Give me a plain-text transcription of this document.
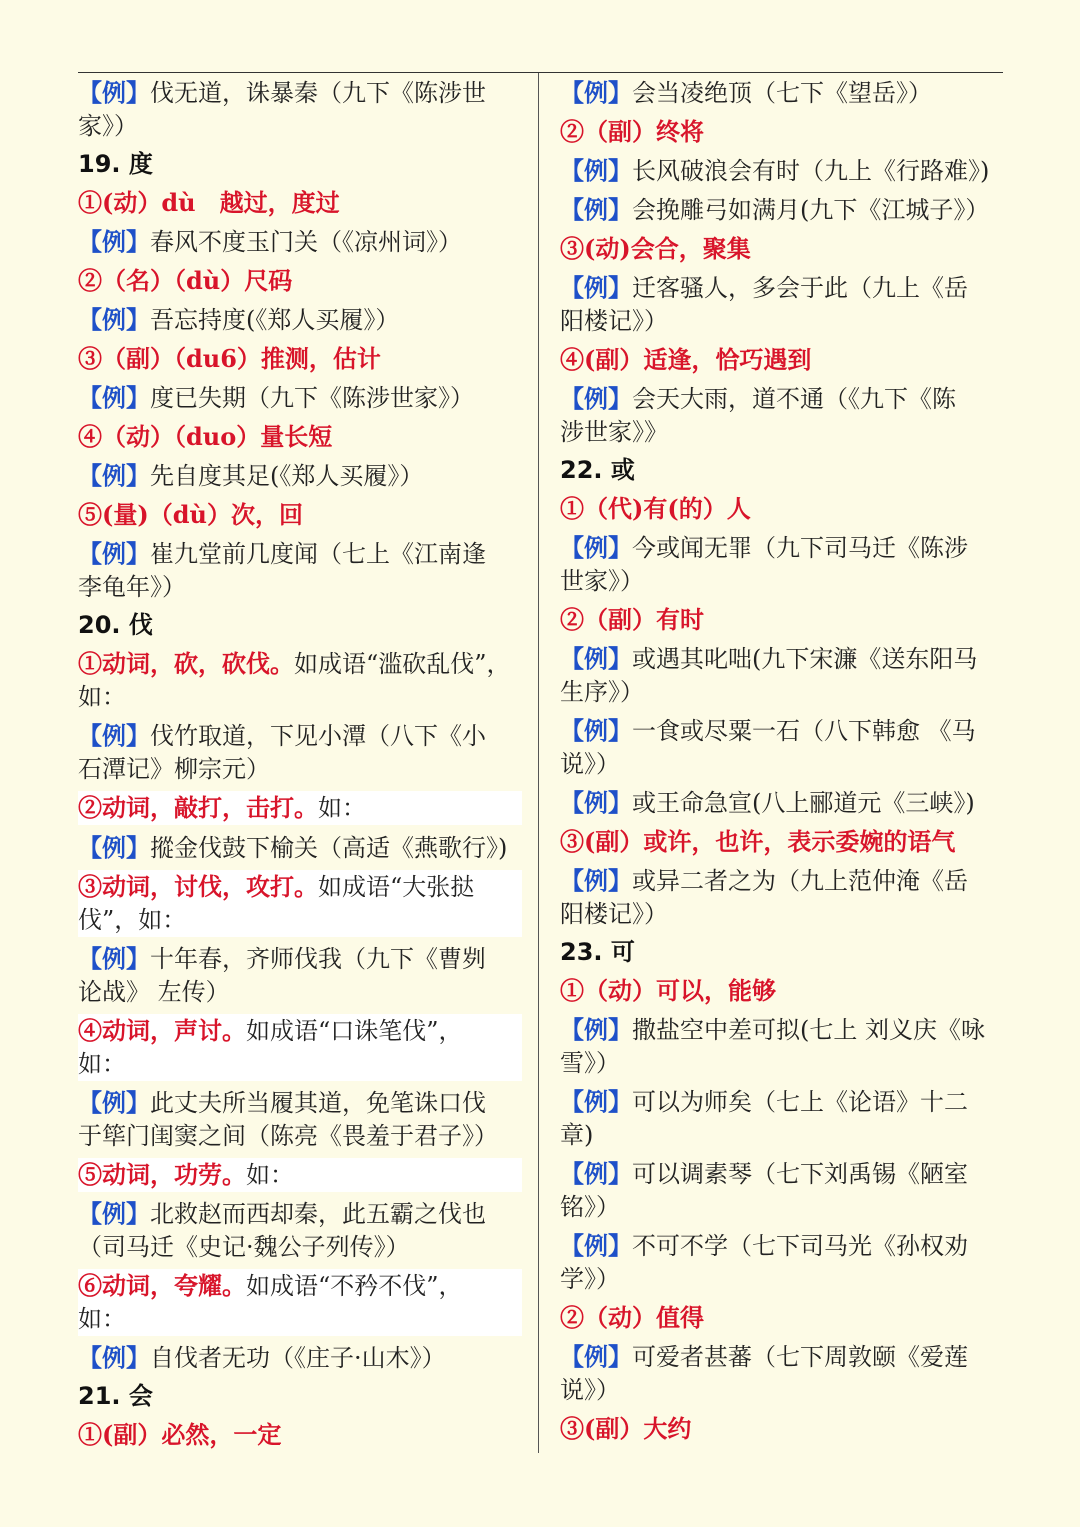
【例】伐无道，诛暴秦（九下《陈涉世
家》）
19. 度
①(动）dù　越过，度过
【例】春风不度玉门关（《凉州词》）
②（名）（dù）尺码
【例】吾忘持度(《郑人买履》）
③（副）（du6）推测，估计
【例】度已失期（九下《陈涉世家》）
④（动）（duo）量长短
【例】先自度其足(《郑人买履》）
⑤(量)（dù）次，回
【例】崔九堂前几度闻（七上《江南逢
李龟年》）
20. 伐
①动词，砍，砍伐。如成语“滥砍乱伐”，
如：
【例】伐竹取道，下见小潭（八下《小
石潭记》柳宗元）
②动词，敲打，击打。如：
【例】摐金伐鼓下榆关（高适《燕歌行》)
③动词，讨伐，攻打。如成语“大张挞
伐”，如：
【例】十年春，齐师伐我（九下《曹刿
论战》 左传）
④动词，声讨。如成语“口诛笔伐”，
如：
【例】此丈夫所当履其道，免笔诛口伐
于筚门闺窦之间（陈亮《畏羞于君子》）
⑤动词，功劳。如：
【例】北救赵而西却秦，此五霸之伐也
（司马迁《史记·魏公子列传》）
⑥动词，夸耀。如成语“不矜不伐”，
如：
【例】自伐者无功（《庄子·山木》）
21. 会
①(副）必然，一定
【例】会当凌绝顶（七下《望岳》）
②（副）终将
【例】长风破浪会有时（九上《行路难》)
【例】会挽雕弓如满月(九下《江城子》）
③(动)会合，聚集
【例】迁客骚人，多会于此（九上《岳
阳楼记》）
④(副）适逢，恰巧遇到
【例】会天大雨，道不通（《九下《陈
涉世家》》
22. 或
①（代)有(的）人
【例】今或闻无罪（九下司马迁《陈涉
世家》）
②（副）有时
【例】或遇其叱咄(九下宋濂《送东阳马
生序》）
【例】一食或尽粟一石（八下韩愈 《马
说》）
【例】或王命急宣(八上郦道元《三峡》)
③(副）或许，也许，表示委婉的语气
【例】或异二者之为（九上范仲淹《岳
阳楼记》）
23. 可
①（动）可以，能够
【例】撒盐空中差可拟(七上 刘义庆《咏
雪》）
【例】可以为师矣（七上《论语》十二
章)
【例】可以调素琴（七下刘禹锡《陋室
铭》）
【例】不可不学（七下司马光《孙权劝
学》）
②（动）值得
【例】可爱者甚蕃（七下周敦颐《爱莲
说》）
③(副）大约
